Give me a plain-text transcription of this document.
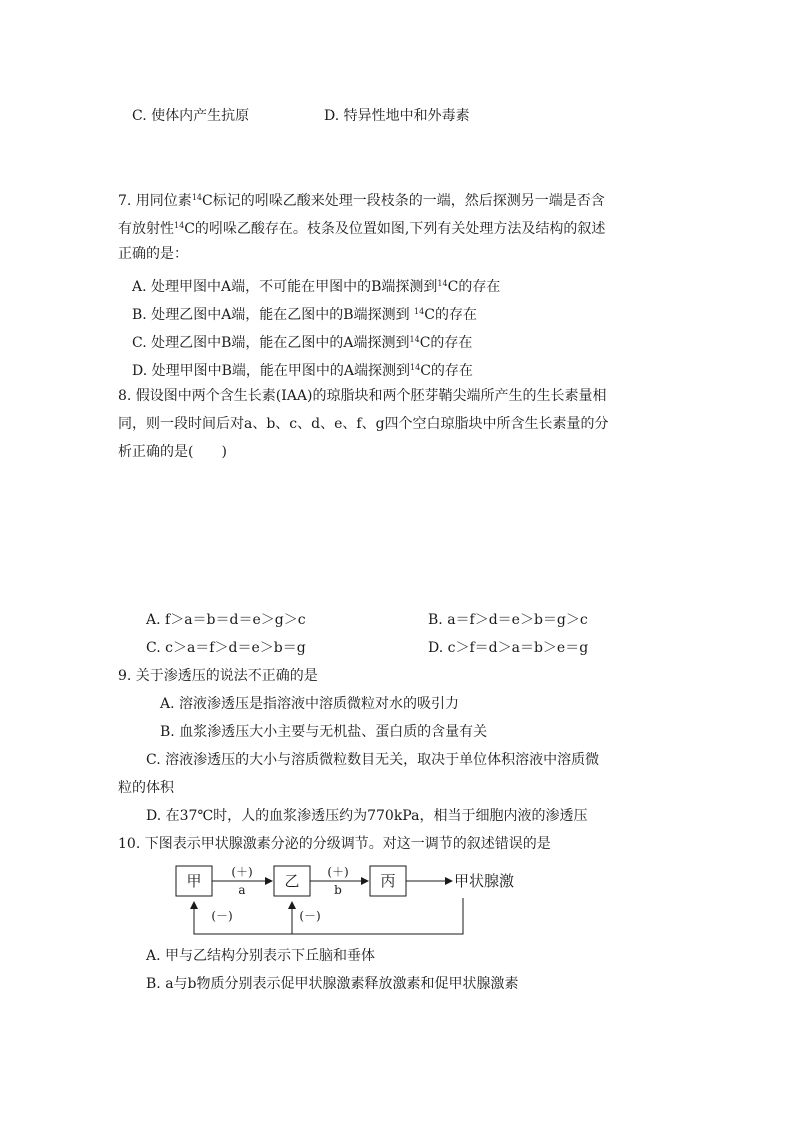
C. 使体内产生抗原	D. 特异性地中和外毒素
7. 用同位素$^{14}$C标记的吲哚乙酸来处理一段枝条的一端，然后探测另一端是否含
有放射性$^{14}$C的吲哚乙酸存在。枝条及位置如图,下列有关处理方法及结构的叙述
正确的是：
A. 处理甲图中A端，不可能在甲图中的B端探测到$^{14}$C的存在
B. 处理乙图中A端，能在乙图中的B端探测到 $^{14}$C的存在
C. 处理乙图中B端，能在乙图中的A端探测到$^{14}$C的存在
D. 处理甲图中B端，能在甲图中的A端探测到$^{14}$C的存在
8. 假设图中两个含生长素(IAA)的琼脂块和两个胚芽鞘尖端所产生的生长素量相
同，则一段时间后对a、b、c、d、e、f、g四个空白琼脂块中所含生长素量的分
析正确的是(　　)
A. f＞a＝b＝d＝e＞g＞c	B. a＝f＞d＝e＞b＝g＞c
C. c＞a＝f＞d＝e＞b＝g	D. c＞f＝d＞a＝b＞e＝g
9. 关于渗透压的说法不正确的是
A. 溶液渗透压是指溶液中溶质微粒对水的吸引力
B. 血浆渗透压大小主要与无机盐、蛋白质的含量有关
C. 溶液渗透压的大小与溶质微粒数目无关，取决于单位体积溶液中溶质微
粒的体积
D. 在37℃时，人的血浆渗透压约为770kPa，相当于细胞内液的渗透压
10. 下图表示甲状腺激素分泌的分级调节。对这一调节的叙述错误的是
甲	乙	丙
(＋)
a
(＋)
b	甲状腺激
(－)	(－)
A. 甲与乙结构分别表示下丘脑和垂体
B. a与b物质分别表示促甲状腺激素释放激素和促甲状腺激素
